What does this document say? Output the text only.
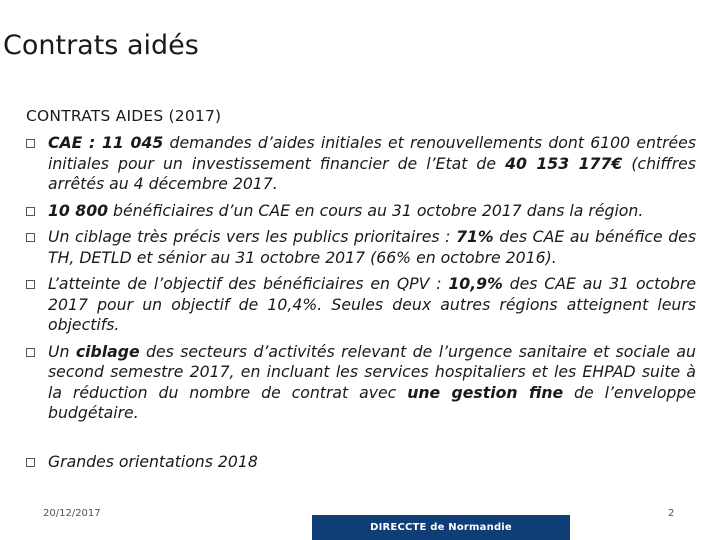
Contrats aidés
CONTRATS AIDES (2017)
CAE : 11 045 demandes d’aides initiales et renouvellements dont 6100 entrées initiales pour un investissement financier de l’Etat de 40 153 177€ (chiffres arrêtés au 4 décembre 2017.
10 800 bénéficiaires d’un CAE en cours au 31 octobre 2017 dans la région.
Un ciblage très précis vers les publics prioritaires : 71% des CAE au bénéfice des TH, DETLD et sénior au 31 octobre 2017 (66% en octobre 2016).
L’atteinte de l’objectif des bénéficiaires en QPV : 10,9% des CAE au 31 octobre 2017 pour un objectif de 10,4%. Seules deux autres régions atteignent leurs objectifs.
Un ciblage des secteurs d’activités relevant de l’urgence sanitaire et sociale au second semestre 2017, en incluant les services hospitaliers et les EHPAD suite à la réduction du nombre de contrat avec une gestion fine de l’enveloppe budgétaire.
Grandes orientations 2018
20/12/2017
DIRECCTE de Normandie
2
